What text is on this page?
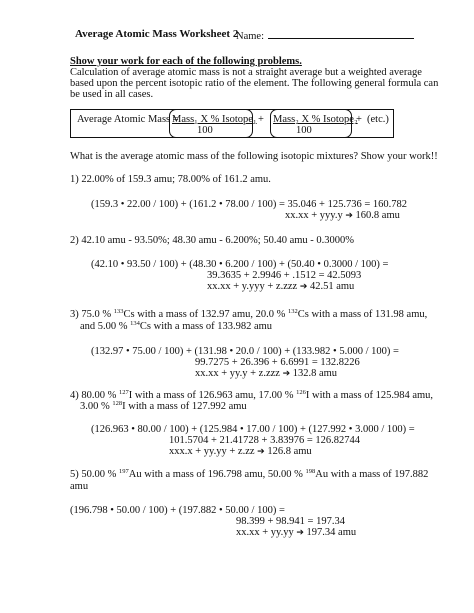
Average Atomic Mass Worksheet 2
Name:
Show your work for each of the following problems.
Calculation of average atomic mass is not a straight average but a weighted average
based upon the percent isotopic ratio of the element. The following general formula can
be used in all cases.
Average Atomic Mass =
Mass₁ X % Isotope₁
100
+ Mass₂ X % Isotope₂
100
+ (etc.)
What is the average atomic mass of the following isotopic mixtures? Show your work!!
1) 22.00% of 159.3 amu; 78.00% of 161.2 amu.
(159.3 • 22.00 / 100) + (161.2 • 78.00 / 100) = 35.046 + 125.736 = 160.782
xx.xx + yyy.y ➔ 160.8 amu
2) 42.10 amu - 93.50%; 48.30 amu - 6.200%; 50.40 amu - 0.3000%
(42.10 • 93.50 / 100) + (48.30 • 6.200 / 100) + (50.40 • 0.3000 / 100) =
39.3635 + 2.9946 + .1512 = 42.5093
xx.xx + y.yyy + z.zzz ➔ 42.51 amu
3) 75.0 % $^{133}$Cs with a mass of 132.97 amu, 20.0 % $^{132}$Cs with a mass of 131.98 amu,
and 5.00 % $^{134}$Cs with a mass of 133.982 amu
(132.97 • 75.00 / 100) + (131.98 • 20.0 / 100) + (133.982 • 5.000 / 100) =
99.7275 + 26.396 + 6.6991 = 132.8226
xx.xx + yy.y + z.zzz ➔ 132.8 amu
4) 80.00 % $^{127}$I with a mass of 126.963 amu, 17.00 % $^{126}$I with a mass of 125.984 amu,
3.00 % $^{128}$I with a mass of 127.992 amu
(126.963 • 80.00 / 100) + (125.984 • 17.00 / 100) + (127.992 • 3.000 / 100) =
101.5704 + 21.41728 + 3.83976 = 126.82744
xxx.x + yy.yy + z.zz ➔ 126.8 amu
5) 50.00 % $^{197}$Au with a mass of 196.798 amu, 50.00 % $^{198}$Au with a mass of 197.882
amu
(196.798 • 50.00 / 100) + (197.882 • 50.00 / 100) =
98.399 + 98.941 = 197.34
xx.xx + yy.yy ➔ 197.34 amu
